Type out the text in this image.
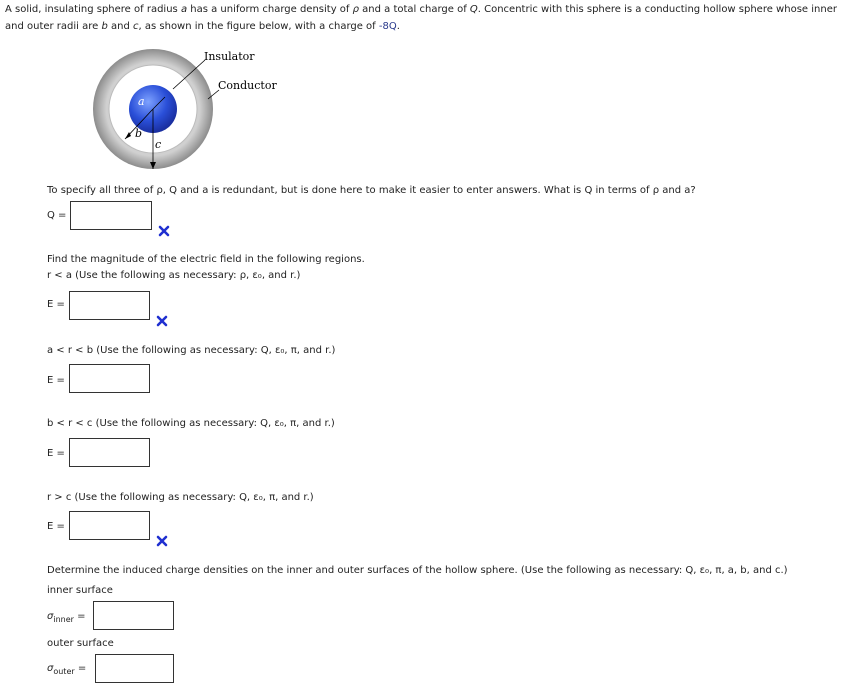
A solid, insulating sphere of radius a has a uniform charge density of ρ and a total charge of Q. Concentric with this sphere is a conducting hollow sphere whose inner and outer radii are b and c, as shown in the figure below, with a charge of -8Q.
a
b
c
Insulator
Conductor
To specify all three of ρ, Q and a is redundant, but is done here to make it easier to enter answers. What is Q in terms of ρ and a?
Q =
Find the magnitude of the electric field in the following regions.
r < a (Use the following as necessary: ρ, ε₀, and r.)
E =
a < r < b (Use the following as necessary: Q, ε₀, π, and r.)
E =
b < r < c (Use the following as necessary: Q, ε₀, π, and r.)
E =
r > c (Use the following as necessary: Q, ε₀, π, and r.)
E =
Determine the induced charge densities on the inner and outer surfaces of the hollow sphere. (Use the following as necessary: Q, ε₀, π, a, b, and c.)
inner surface
$\sigma_{inner}$ =
outer surface
$\sigma_{outer}$ =
